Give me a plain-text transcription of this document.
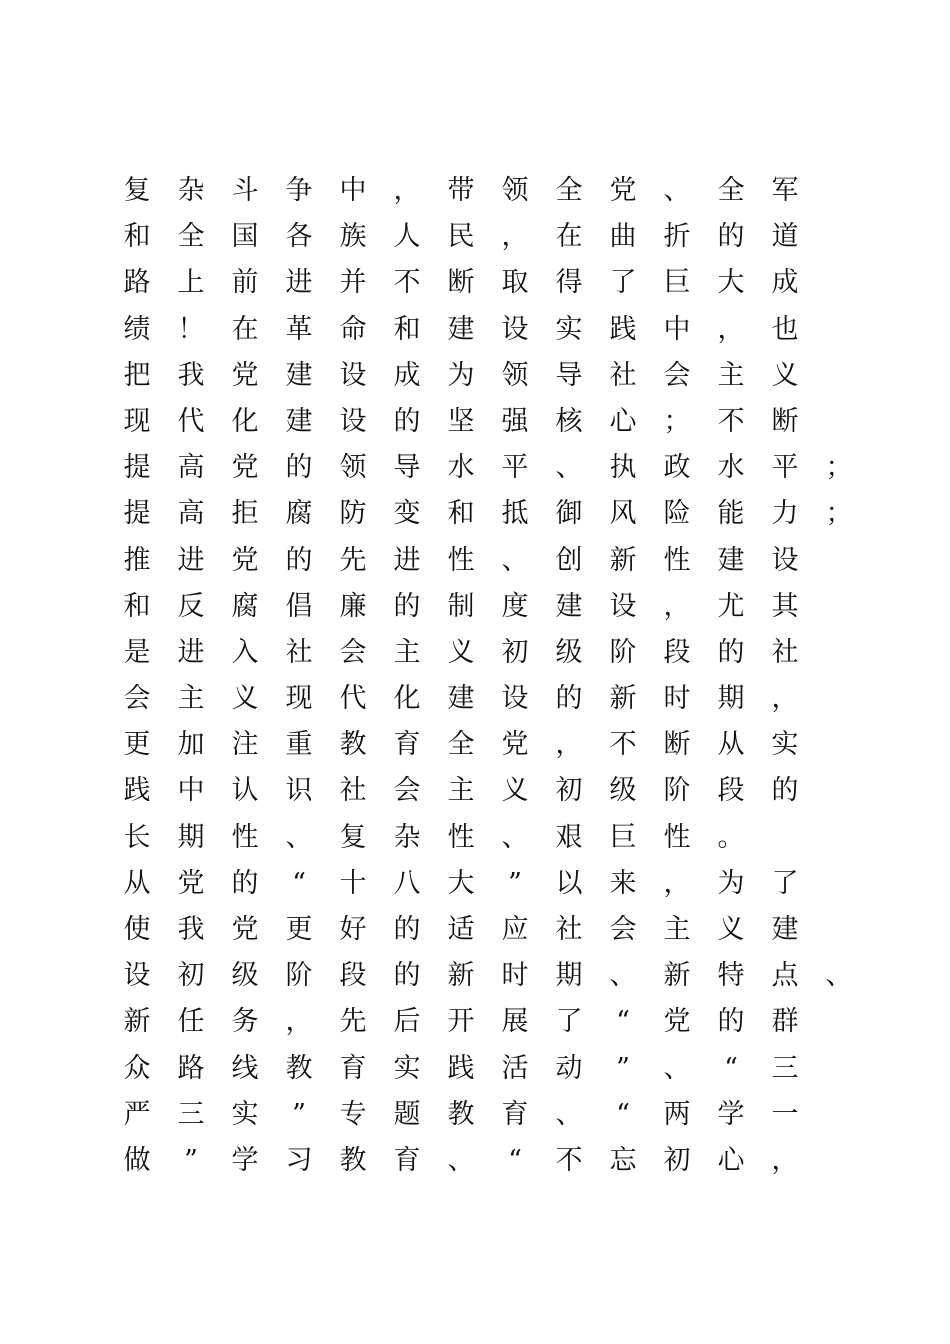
复 杂 斗 争 中 ， 带 领 全 党 、 全 军
和 全 国 各 族 人 民 ， 在 曲 折 的 道
路 上 前 进 并 不 断 取 得 了 巨 大 成
绩 ！ 在 革 命 和 建 设 实 践 中 ， 也
把 我 党 建 设 成 为 领 导 社 会 主 义
现 代 化 建 设 的 坚 强 核 心 ； 不 断
提 高 党 的 领 导 水 平 、 执 政 水 平 ；
提 高 拒 腐 防 变 和 抵 御 风 险 能 力 ；
推 进 党 的 先 进 性 、 创 新 性 建 设
和 反 腐 倡 廉 的 制 度 建 设 ， 尤 其
是 进 入 社 会 主 义 初 级 阶 段 的 社
会 主 义 现 代 化 建 设 的 新 时 期 ，
更 加 注 重 教 育 全 党 ， 不 断 从 实
践 中 认 识 社 会 主 义 初 级 阶 段 的
长 期 性 、 复 杂 性 、 艰 巨 性 。
从 党 的	“	十 八 大	”	以 来 ， 为 了
使 我 党 更 好 的 适 应 社 会 主 义 建
设 初 级 阶 段 的 新 时 期 、 新 特 点 、
新 任 务 ， 先 后 开 展 了	“	党 的 群
众 路 线 教 育 实 践 活 动	”	、	“	三
严 三 实	”	专 题 教 育 、	“	两 学 一
做	”	学 习 教 育 、	“	不 忘 初 心 ，
